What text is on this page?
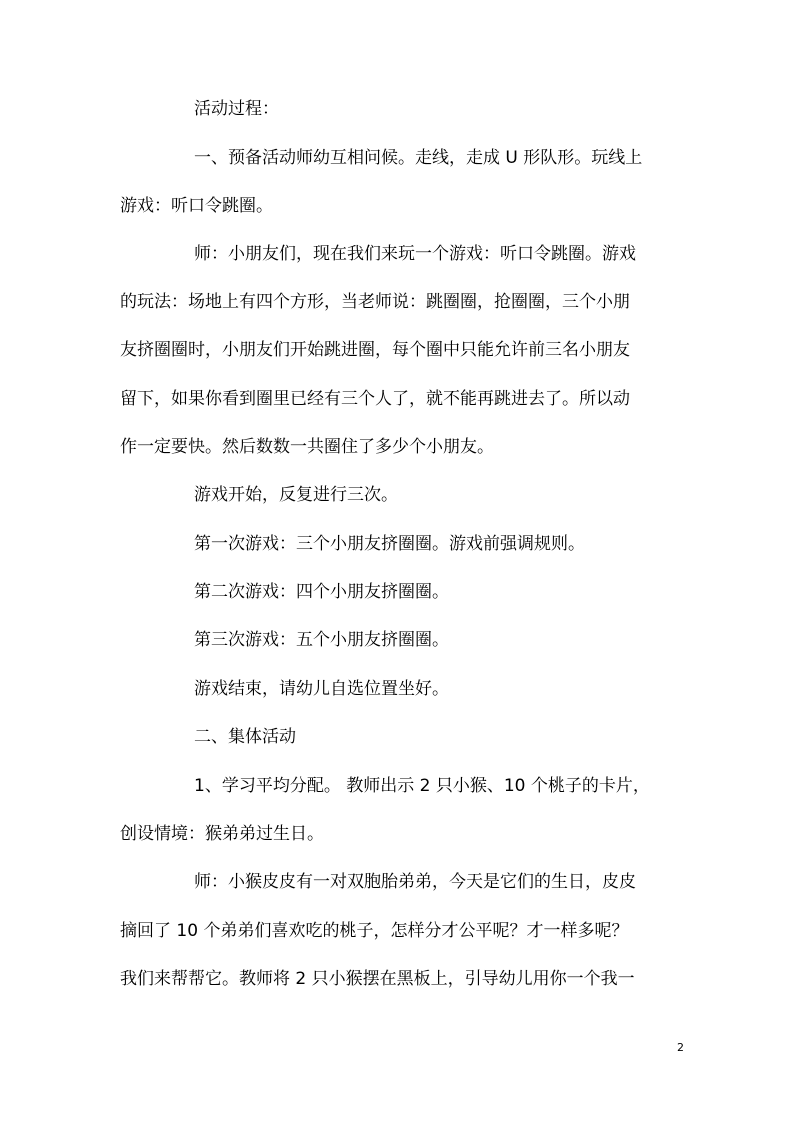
活动过程：
一、预备活动师幼互相问候。走线，走成 U 形队形。玩线上
游戏：听口令跳圈。
师：小朋友们，现在我们来玩一个游戏：听口令跳圈。游戏
的玩法：场地上有四个方形，当老师说：跳圈圈，抢圈圈，三个小朋
友挤圈圈时，小朋友们开始跳进圈，每个圈中只能允许前三名小朋友
留下，如果你看到圈里已经有三个人了，就不能再跳进去了。所以动
作一定要快。然后数数一共圈住了多少个小朋友。
游戏开始，反复进行三次。
第一次游戏：三个小朋友挤圈圈。游戏前强调规则。
第二次游戏：四个小朋友挤圈圈。
第三次游戏：五个小朋友挤圈圈。
游戏结束，请幼儿自选位置坐好。
二、集体活动
1、学习平均分配。 教师出示 2 只小猴、10 个桃子的卡片，
创设情境：猴弟弟过生日。
师：小猴皮皮有一对双胞胎弟弟，今天是它们的生日，皮皮
摘回了 10 个弟弟们喜欢吃的桃子，怎样分才公平呢？才一样多呢？
我们来帮帮它。教师将 2 只小猴摆在黑板上，引导幼儿用你一个我一
2
